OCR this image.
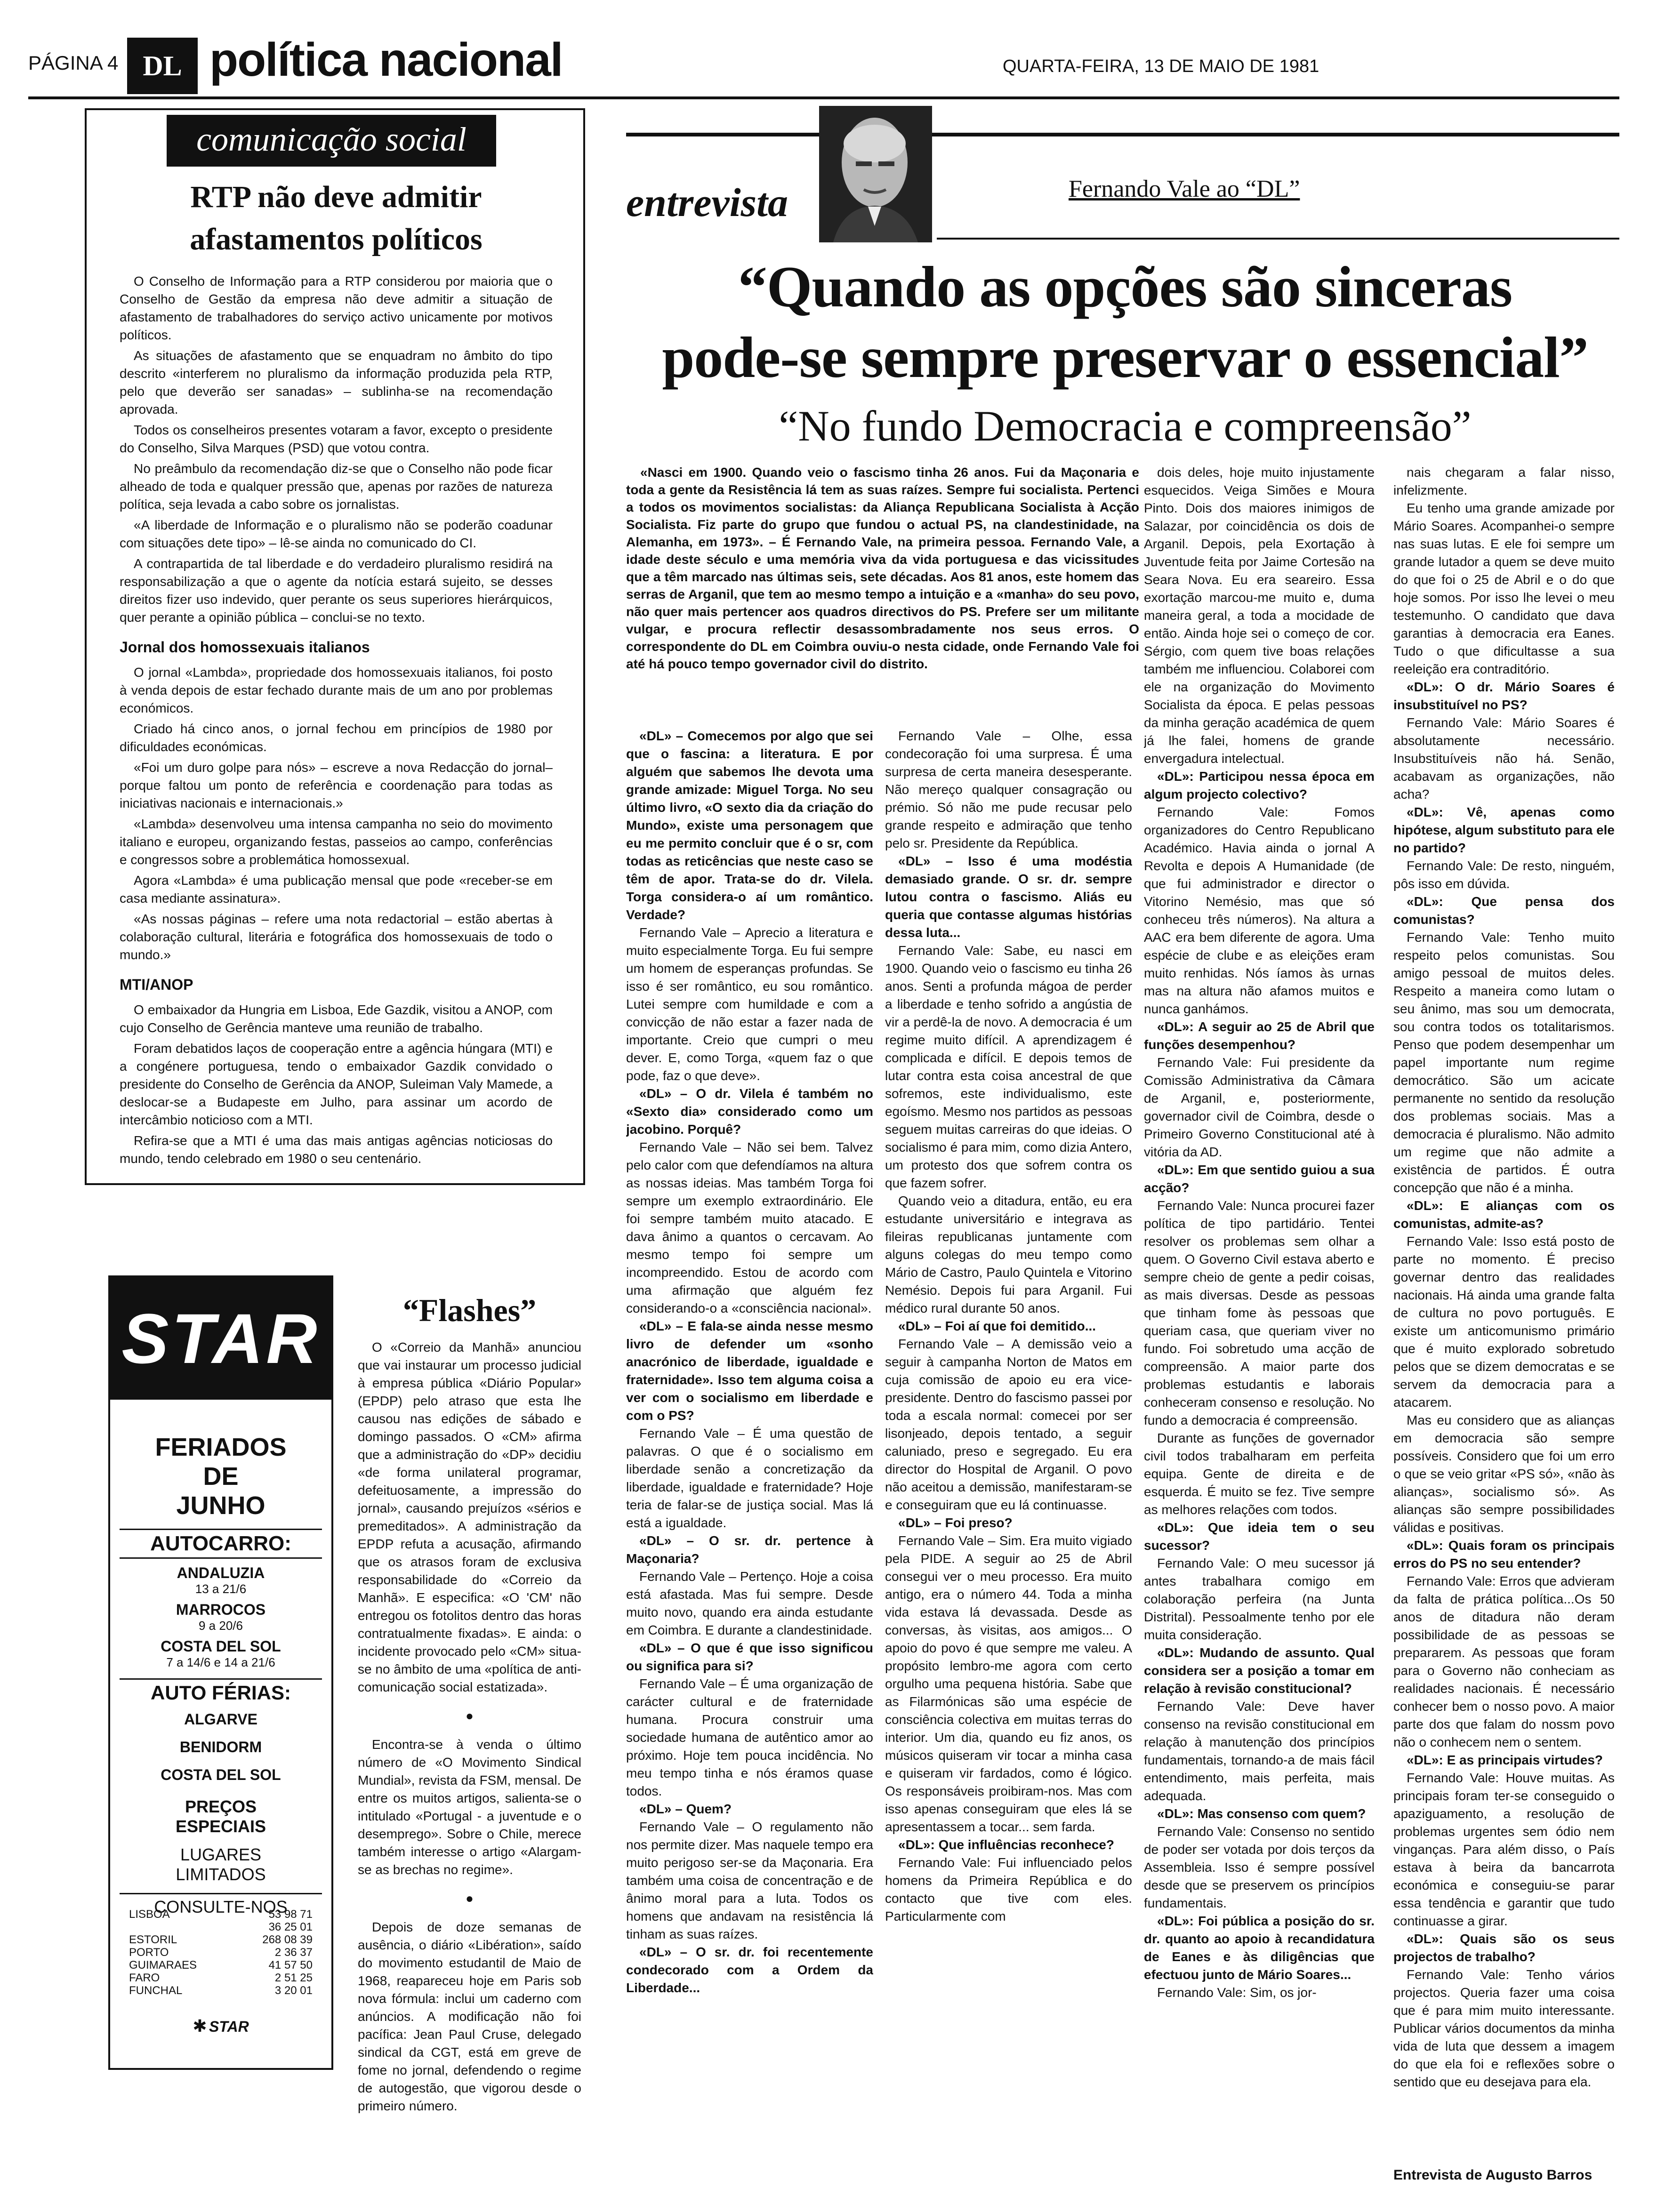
PÁGINA 4 DL política nacional	QUARTA-FEIRA, 13 DE MAIO DE 1981
comunicação social
RTP não deve admitir
afastamentos políticos

O Conselho de Informação para a RTP considerou por maioria que o Conselho de Gestão da empresa não deve admitir a situação de afastamento de trabalhadores do serviço activo unicamente por motivos políticos.

As situações de afastamento que se enquadram no âmbito do tipo descrito «interferem no pluralismo da informação produzida pela RTP, pelo que deverão ser sanadas» – sublinha-se na recomendação aprovada.

Todos os conselheiros presentes votaram a favor, excepto o presidente do Conselho, Silva Marques (PSD) que votou contra.

No preâmbulo da recomendação diz-se que o Conselho não pode ficar alheado de toda e qualquer pressão que, apenas por razões de natureza política, seja levada a cabo sobre os jornalistas.

«A liberdade de Informação e o pluralismo não se poderão coadunar com situações dete tipo» – lê-se ainda no comunicado do CI.

A contrapartida de tal liberdade e do verdadeiro pluralismo residirá na responsabilização a que o agente da notícia estará sujeito, se desses direitos fizer uso indevido, quer perante os seus superiores hierárquicos, quer perante a opinião pública – conclui-se no texto.

Jornal dos homossexuais italianos

O jornal «Lambda», propriedade dos homossexuais italianos, foi posto à venda depois de estar fechado durante mais de um ano por problemas económicos.

Criado há cinco anos, o jornal fechou em princípios de 1980 por dificuldades económicas.

«Foi um duro golpe para nós» – escreve a nova Redacção do jornal– porque faltou um ponto de referência e coordenação para todas as iniciativas nacionais e internacionais.»

«Lambda» desenvolveu uma intensa campanha no seio do movimento italiano e europeu, organizando festas, passeios ao campo, conferências e congressos sobre a problemática homossexual.

Agora «Lambda» é uma publicação mensal que pode «receber-se em casa mediante assinatura».

«As nossas páginas – refere uma nota redactorial – estão abertas à colaboração cultural, literária e fotográfica dos homossexuais de todo o mundo.»

MTI/ANOP

O embaixador da Hungria em Lisboa, Ede Gazdik, visitou a ANOP, com cujo Conselho de Gerência manteve uma reunião de trabalho.

Foram debatidos laços de cooperação entre a agência húngara (MTI) e a congénere portuguesa, tendo o embaixador Gazdik convidado o presidente do Conselho de Gerência da ANOP, Suleiman Valy Mamede, a deslocar-se a Budapeste em Julho, para assinar um acordo de intercâmbio noticioso com a MTI.

Refira-se que a MTI é uma das mais antigas agências noticiosas do mundo, tendo celebrado em 1980 o seu centenário.

STAR
FERIADOS
DE
JUNHO
AUTOCARRO:
ANDALUZIA
13 a 21/6
MARROCOS
9 a 20/6
COSTA DEL SOL
7 a 14/6 e 14 a 21/6
AUTO FÉRIAS:
ALGARVE
BENIDORM
COSTA DEL SOL
PREÇOS
ESPECIAIS
LUGARES
LIMITADOS
CONSULTE-NOS
LISBOA	53 98 71
36 25 01
ESTORIL	268 08 39
PORTO	2 36 37
GUIMARAES	41 57 50
FARO	2 51 25
FUNCHAL	3 20 01
✱ STAR
“Flashes”

O «Correio da Manhã» anunciou que vai instaurar um processo judicial à empresa pública «Diário Popular» (EPDP) pelo atraso que esta lhe causou nas edições de sábado e domingo passados. O «CM» afirma que a administração do «DP» decidiu «de forma unilateral programar, defeituosamente, a impressão do jornal», causando prejuízos «sérios e premeditados». A administração da EPDP refuta a acusação, afirmando que os atrasos foram de exclusiva responsabilidade do «Correio da Manhã». E especifica: «O 'CM' não entregou os fotolitos dentro das horas contratualmente fixadas». E ainda: o incidente provocado pelo «CM» situa-se no âmbito de uma «política de anti-comunicação social estatizada».

●

Encontra-se à venda o último número de «O Movimento Sindical Mundial», revista da FSM, mensal. De entre os muitos artigos, salienta-se o intitulado «Portugal - a juventude e o desemprego». Sobre o Chile, merece também interesse o artigo «Alargam-se as brechas no regime».

●

Depois de doze semanas de ausência, o diário «Libération», saído do movimento estudantil de Maio de 1968, reapareceu hoje em Paris sob nova fórmula: inclui um caderno com anúncios. A modificação não foi pacífica: Jean Paul Cruse, delegado sindical da CGT, está em greve de fome no jornal, defendendo o regime de autogestão, que vigorou desde o primeiro número.

entrevista	Fernando Vale ao “DL”
“Quando as opções são sinceras
pode-se sempre preservar o essencial”
“No fundo Democracia e compreensão”

«Nasci em 1900. Quando veio o fascismo tinha 26 anos. Fui da Maçonaria e toda a gente da Resistência lá tem as suas raízes. Sempre fui socialista. Pertenci a todos os movimentos socialistas: da Aliança Republicana Socialista à Acção Socialista. Fiz parte do grupo que fundou o actual PS, na clandestinidade, na Alemanha, em 1973». – É Fernando Vale, na primeira pessoa. Fernando Vale, a idade deste século e uma memória viva da vida portuguesa e das vicissitudes que a têm marcado nas últimas seis, sete décadas. Aos 81 anos, este homem das serras de Arganil, que tem ao mesmo tempo a intuição e a «manha» do seu povo, não quer mais pertencer aos quadros directivos do PS. Prefere ser um militante vulgar, e procura reflectir desassombradamente nos seus erros. O correspondente do DL em Coimbra ouviu-o nesta cidade, onde Fernando Vale foi até há pouco tempo governador civil do distrito.

«DL» – Comecemos por algo que sei que o fascina: a literatura. E por alguém que sabemos lhe devota uma grande amizade: Miguel Torga. No seu último livro, «O sexto dia da criação do Mundo», existe uma personagem que eu me permito concluir que é o sr, com todas as reticências que neste caso se têm de apor. Trata-se do dr. Vilela. Torga considera-o aí um romântico. Verdade?

Fernando Vale – Aprecio a literatura e muito especialmente Torga. Eu fui sempre um homem de esperanças profundas. Se isso é ser romântico, eu sou romântico. Lutei sempre com humildade e com a convicção de não estar a fazer nada de importante. Creio que cumpri o meu dever. E, como Torga, «quem faz o que pode, faz o que deve».

«DL» – O dr. Vilela é também no «Sexto dia» considerado como um jacobino. Porquê?

Fernando Vale – Não sei bem. Talvez pelo calor com que defendíamos na altura as nossas ideias. Mas também Torga foi sempre um exemplo extraordinário. Ele foi sempre também muito atacado. E dava ânimo a quantos o cercavam. Ao mesmo tempo foi sempre um incompreendido. Estou de acordo com uma afirmação que alguém fez considerando-o a «consciência nacional».

«DL» – E fala-se ainda nesse mesmo livro de defender um «sonho anacrónico de liberdade, igualdade e fraternidade». Isso tem alguma coisa a ver com o socialismo em liberdade e com o PS?

Fernando Vale – É uma questão de palavras. O que é o socialismo em liberdade senão a concretização da liberdade, igualdade e fraternidade? Hoje teria de falar-se de justiça social. Mas lá está a igualdade.

«DL» – O sr. dr. pertence à Maçonaria?

Fernando Vale – Pertenço. Hoje a coisa está afastada. Mas fui sempre. Desde muito novo, quando era ainda estudante em Coimbra. E durante a clandestinidade.

«DL» – O que é que isso significou ou significa para si?

Fernando Vale – É uma organização de carácter cultural e de fraternidade humana. Procura construir uma sociedade humana de autêntico amor ao próximo. Hoje tem pouca incidência. No meu tempo tinha e nós éramos quase todos.

«DL» – Quem?

Fernando Vale – O regulamento não nos permite dizer. Mas naquele tempo era muito perigoso ser-se da Maçonaria. Era também uma coisa de concentração e de ânimo moral para a luta. Todos os homens que andavam na resistência lá tinham as suas raízes.

«DL» – O sr. dr. foi recentemente condecorado com a Ordem da Liberdade...

Fernando Vale – Olhe, essa condecoração foi uma surpresa. É uma surpresa de certa maneira desesperante. Não mereço qualquer consagração ou prémio. Só não me pude recusar pelo grande respeito e admiração que tenho pelo sr. Presidente da República.

«DL» – Isso é uma modéstia demasiado grande. O sr. dr. sempre lutou contra o fascismo. Aliás eu queria que contasse algumas histórias dessa luta...

Fernando Vale: Sabe, eu nasci em 1900. Quando veio o fascismo eu tinha 26 anos. Senti a profunda mágoa de perder a liberdade e tenho sofrido a angústia de vir a perdê-la de novo. A democracia é um regime muito difícil. A aprendizagem é complicada e difícil. E depois temos de lutar contra esta coisa ancestral de que sofremos, este individualismo, este egoísmo. Mesmo nos partidos as pessoas seguem muitas carreiras do que ideias. O socialismo é para mim, como dizia Antero, um protesto dos que sofrem contra os que fazem sofrer.

Quando veio a ditadura, então, eu era estudante universitário e integrava as fileiras republicanas juntamente com alguns colegas do meu tempo como Mário de Castro, Paulo Quintela e Vitorino Nemésio. Depois fui para Arganil. Fui médico rural durante 50 anos.

«DL» – Foi aí que foi demitido...

Fernando Vale – A demissão veio a seguir à campanha Norton de Matos em cuja comissão de apoio eu era vice-presidente. Dentro do fascismo passei por toda a escala normal: comecei por ser lisonjeado, depois tentado, a seguir caluniado, preso e segregado. Eu era director do Hospital de Arganil. O povo não aceitou a demissão, manifestaram-se e conseguiram que eu lá continuasse.

«DL» – Foi preso?

Fernando Vale – Sim. Era muito vigiado pela PIDE. A seguir ao 25 de Abril consegui ver o meu processo. Era muito antigo, era o número 44. Toda a minha vida estava lá devassada. Desde as conversas, às visitas, aos amigos... O apoio do povo é que sempre me valeu. A propósito lembro-me agora com certo orgulho uma pequena história. Sabe que as Filarmónicas são uma espécie de consciência colectiva em muitas terras do interior. Um dia, quando eu fiz anos, os músicos quiseram vir tocar a minha casa e quiseram vir fardados, como é lógico. Os responsáveis proibiram-nos. Mas com isso apenas conseguiram que eles lá se apresentassem a tocar... sem farda.

«DL»: Que influências reconhece?

Fernando Vale: Fui influenciado pelos homens da Primeira República e do contacto que tive com eles. Particularmente com

dois deles, hoje muito injustamente esquecidos. Veiga Simões e Moura Pinto. Dois dos maiores inimigos de Salazar, por coincidência os dois de Arganil. Depois, pela Exortação à Juventude feita por Jaime Cortesão na Seara Nova. Eu era seareiro. Essa exortação marcou-me muito e, duma maneira geral, a toda a mocidade de então. Ainda hoje sei o começo de cor. Sérgio, com quem tive boas relações também me influenciou. Colaborei com ele na organização do Movimento Socialista da época. E pelas pessoas da minha geração académica de quem já lhe falei, homens de grande envergadura intelectual.

«DL»: Participou nessa época em algum projecto colectivo?

Fernando Vale: Fomos organizadores do Centro Republicano Académico. Havia ainda o jornal A Revolta e depois A Humanidade (de que fui administrador e director o Vitorino Nemésio, mas que só conheceu três números). Na altura a AAC era bem diferente de agora. Uma espécie de clube e as eleições eram muito renhidas. Nós íamos às urnas mas na altura não afamos muitos e nunca ganhámos.

«DL»: A seguir ao 25 de Abril que funções desempenhou?

Fernando Vale: Fui presidente da Comissão Administrativa da Câmara de Arganil, e, posteriormente, governador civil de Coimbra, desde o Primeiro Governo Constitucional até à vitória da AD.

«DL»: Em que sentido guiou a sua acção?

Fernando Vale: Nunca procurei fazer política de tipo partidário. Tentei resolver os problemas sem olhar a quem. O Governo Civil estava aberto e sempre cheio de gente a pedir coisas, as mais diversas. Desde as pessoas que tinham fome às pessoas que queriam casa, que queriam viver no fundo. Foi sobretudo uma acção de compreensão. A maior parte dos problemas estudantis e laborais conheceram consenso e resolução. No fundo a democracia é compreensão.

Durante as funções de governador civil todos trabalharam em perfeita equipa. Gente de direita e de esquerda. É muito se fez. Tive sempre as melhores relações com todos.

«DL»: Que ideia tem o seu sucessor?

Fernando Vale: O meu sucessor já antes trabalhara comigo em colaboração perfeira (na Junta Distrital). Pessoalmente tenho por ele muita consideração.

«DL»: Mudando de assunto. Qual considera ser a posição a tomar em relação à revisão constitucional?

Fernando Vale: Deve haver consenso na revisão constitucional em relação à manutenção dos princípios fundamentais, tornando-a de mais fácil entendimento, mais perfeita, mais adequada.

«DL»: Mas consenso com quem?

Fernando Vale: Consenso no sentido de poder ser votada por dois terços da Assembleia. Isso é sempre possível desde que se preservem os princípios fundamentais.

«DL»: Foi pública a posição do sr. dr. quanto ao apoio à recandidatura de Eanes e às diligências que efectuou junto de Mário Soares...

Fernando Vale: Sim, os jor-

nais chegaram a falar nisso, infelizmente.

Eu tenho uma grande amizade por Mário Soares. Acompanhei-o sempre nas suas lutas. E ele foi sempre um grande lutador a quem se deve muito do que foi o 25 de Abril e o do que hoje somos. Por isso lhe levei o meu testemunho. O candidato que dava garantias à democracia era Eanes. Tudo o que dificultasse a sua reeleição era contraditório.

«DL»: O dr. Mário Soares é insubstituível no PS?

Fernando Vale: Mário Soares é absolutamente necessário. Insubstituíveis não há. Senão, acabavam as organizações, não acha?

«DL»: Vê, apenas como hipótese, algum substituto para ele no partido?

Fernando Vale: De resto, ninguém, pôs isso em dúvida.

«DL»: Que pensa dos comunistas?

Fernando Vale: Tenho muito respeito pelos comunistas. Sou amigo pessoal de muitos deles. Respeito a maneira como lutam o seu ânimo, mas sou um democrata, sou contra todos os totalitarismos. Penso que podem desempenhar um papel importante num regime democrático. São um acicate permanente no sentido da resolução dos problemas sociais. Mas a democracia é pluralismo. Não admito um regime que não admite a existência de partidos. É outra concepção que não é a minha.

«DL»: E alianças com os comunistas, admite-as?

Fernando Vale: Isso está posto de parte no momento. É preciso governar dentro das realidades nacionais. Há ainda uma grande falta de cultura no povo português. E existe um anticomunismo primário que é muito explorado sobretudo pelos que se dizem democratas e se servem da democracia para a atacarem.

Mas eu considero que as alianças em democracia são sempre possíveis. Considero que foi um erro o que se veio gritar «PS só», «não às alianças», socialismo só». As alianças são sempre possibilidades válidas e positivas.

«DL»: Quais foram os principais erros do PS no seu entender?

Fernando Vale: Erros que advieram da falta de prática política...Os 50 anos de ditadura não deram possibilidade de as pessoas se prepararem. As pessoas que foram para o Governo não conheciam as realidades nacionais. É necessário conhecer bem o nosso povo. A maior parte dos que falam do nossm povo não o conhecem nem o sentem.

«DL»: E as principais virtudes?

Fernando Vale: Houve muitas. As principais foram ter-se conseguido o apaziguamento, a resolução de problemas urgentes sem ódio nem vinganças. Para além disso, o País estava à beira da bancarrota económica e conseguiu-se parar essa tendência e garantir que tudo continuasse a girar.

«DL»: Quais são os seus projectos de trabalho?

Fernando Vale: Tenho vários projectos. Queria fazer uma coisa que é para mim muito interessante. Publicar vários documentos da minha vida de luta que dessem a imagem do que ela foi e reflexões sobre o sentido que eu desejava para ela.

Entrevista de Augusto Barros
